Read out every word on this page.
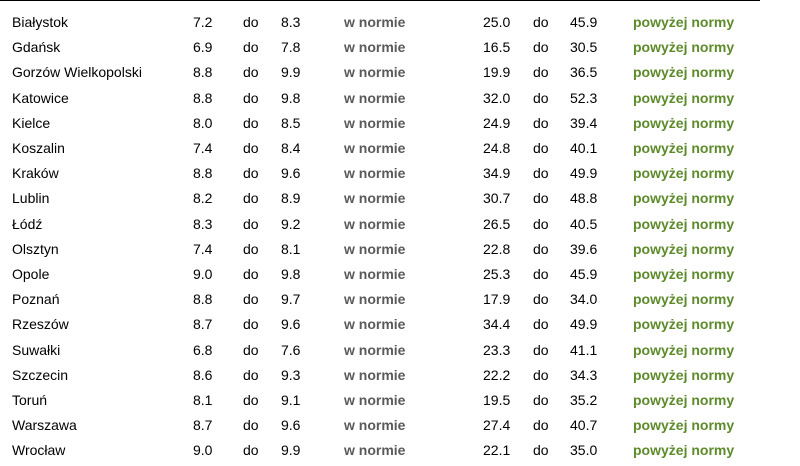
Białystok	7.2 do 8.3	w normie	25.0 do 45.9	powyżej normy
Gdańsk	6.9 do 7.8	w normie	16.5 do 30.5	powyżej normy
Gorzów Wielkopolski	8.8 do 9.9	w normie	19.9 do 36.5	powyżej normy
Katowice	8.8 do 9.8	w normie	32.0 do 52.3	powyżej normy
Kielce	8.0 do 8.5	w normie	24.9 do 39.4	powyżej normy
Koszalin	7.4 do 8.4	w normie	24.8 do 40.1	powyżej normy
Kraków	8.8 do 9.6	w normie	34.9 do 49.9	powyżej normy
Lublin	8.2 do 8.9	w normie	30.7 do 48.8	powyżej normy
Łódź	8.3 do 9.2	w normie	26.5 do 40.5	powyżej normy
Olsztyn	7.4 do 8.1	w normie	22.8 do 39.6	powyżej normy
Opole	9.0 do 9.8	w normie	25.3 do 45.9	powyżej normy
Poznań	8.8 do 9.7	w normie	17.9 do 34.0	powyżej normy
Rzeszów	8.7 do 9.6	w normie	34.4 do 49.9	powyżej normy
Suwałki	6.8 do 7.6	w normie	23.3 do 41.1	powyżej normy
Szczecin	8.6 do 9.3	w normie	22.2 do 34.3	powyżej normy
Toruń	8.1 do 9.1	w normie	19.5 do 35.2	powyżej normy
Warszawa	8.7 do 9.6	w normie	27.4 do 40.7	powyżej normy
Wrocław	9.0 do 9.9	w normie	22.1 do 35.0	powyżej normy
